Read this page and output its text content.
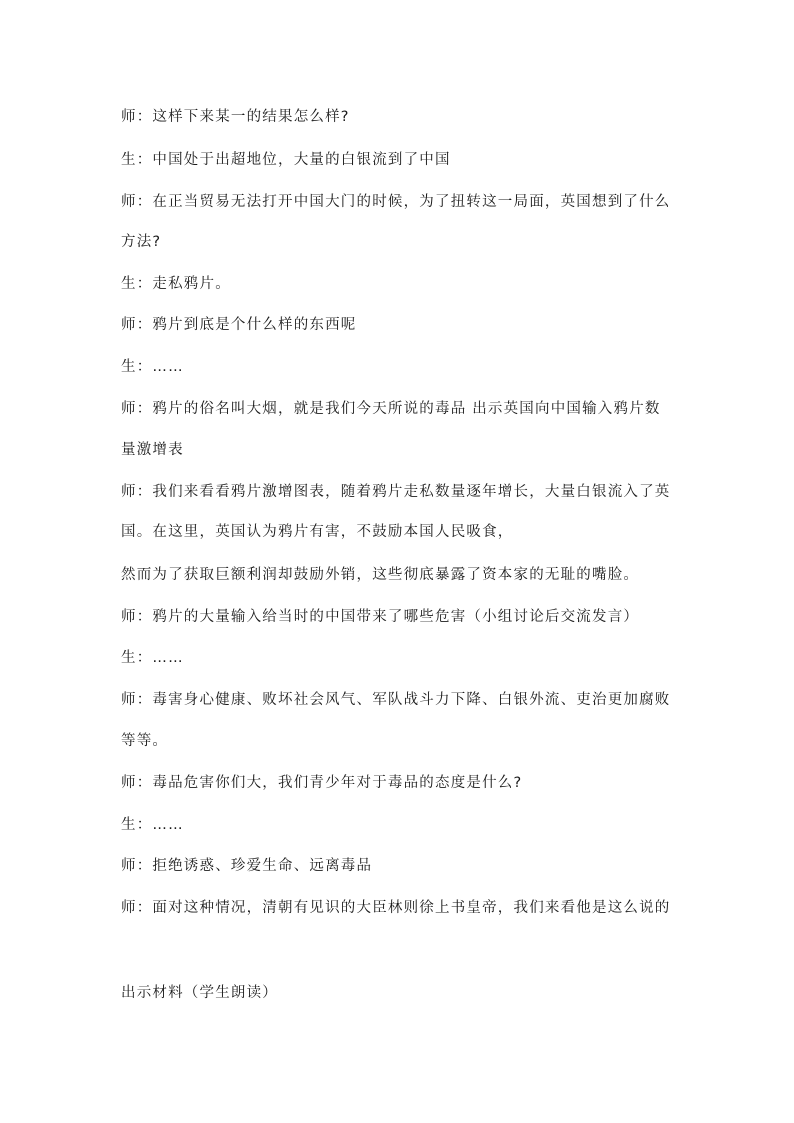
师：这样下来某一的结果怎么样?

生：中国处于出超地位，大量的白银流到了中国

师：在正当贸易无法打开中国大门的时候，为了扭转这一局面，英国想到了什么

方法?

生：走私鸦片。

师：鸦片到底是个什么样的东西呢

生：……

师：鸦片的俗名叫大烟，就是我们今天所说的毒品 出示英国向中国输入鸦片数

量激增表

师：我们来看看鸦片激增图表，随着鸦片走私数量逐年增长，大量白银流入了英

国。在这里，英国认为鸦片有害，不鼓励本国人民吸食，

然而为了获取巨额利润却鼓励外销，这些彻底暴露了资本家的无耻的嘴脸。

师：鸦片的大量输入给当时的中国带来了哪些危害（小组讨论后交流发言）

生：……

师：毒害身心健康、败坏社会风气、军队战斗力下降、白银外流、吏治更加腐败

等等。

师：毒品危害你们大，我们青少年对于毒品的态度是什么?

生：……

师：拒绝诱惑、珍爱生命、远离毒品

师：面对这种情况，清朝有见识的大臣林则徐上书皇帝，我们来看他是这么说的

出示材料（学生朗读）
